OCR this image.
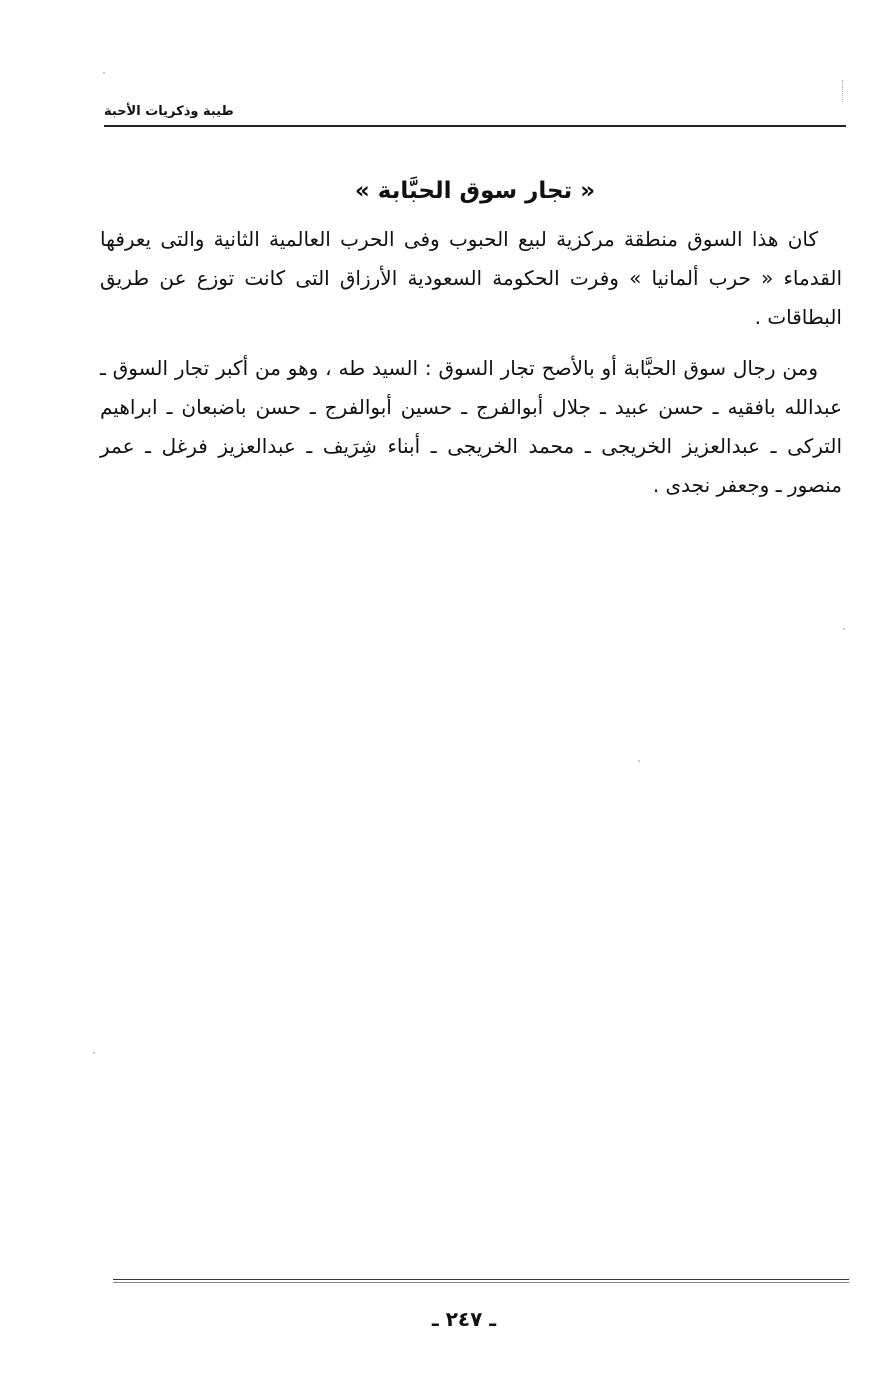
طيبة وذكريات الأحبة
« تجار سوق الحبَّابة »

كان هذا السوق منطقة مركزية لبيع الحبوب وفى الحرب العالمية الثانية والتى يعرفها القدماء « حرب ألمانيا » وفرت الحكومة السعودية الأرزاق التى كانت توزع عن طريق البطاقات .

ومن رجال سوق الحبَّابة أو بالأصح تجار السوق : السيد طه ، وهو من أكبر تجار السوق ـ عبدالله بافقيه ـ حسن عبيد ـ جلال أبوالفرج ـ حسين أبوالفرج ـ حسن باضبعان ـ ابراهيم التركى ـ عبدالعزيز الخريجى ـ محمد الخريجى ـ أبناء شِرَيف ـ عبدالعزيز فرغل ـ عمر منصور ـ وجعفر نجدى .

ـ ٢٤٧ ـ
